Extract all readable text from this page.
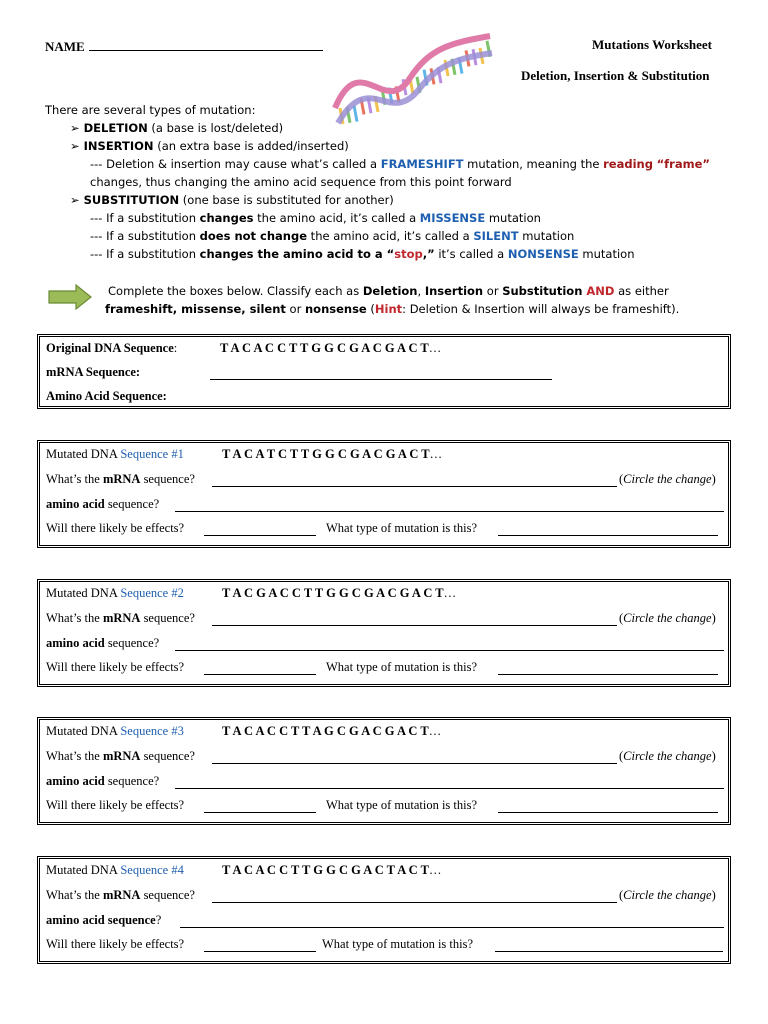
NAME	Mutations Worksheet
Deletion, Insertion & Substitution
There are several types of mutation:
➢ DELETION (a base is lost/deleted)
➢ INSERTION (an extra base is added/inserted)
--- Deletion & insertion may cause what’s called a FRAMESHIFT mutation, meaning the reading “frame”
changes, thus changing the amino acid sequence from this point forward
➢ SUBSTITUTION (one base is substituted for another)
--- If a substitution changes the amino acid, it’s called a MISSENSE mutation
--- If a substitution does not change the amino acid, it’s called a SILENT mutation
--- If a substitution changes the amino acid to a “stop,” it’s called a NONSENSE mutation
Complete the boxes below. Classify each as Deletion, Insertion or Substitution AND as either
frameshift, missense, silent or nonsense (Hint: Deletion & Insertion will always be frameshift).
Original DNA Sequence:	T A C A C C T T G G C G A C G A C T…
mRNA Sequence:
Amino Acid Sequence:
Mutated DNA Sequence #1	T A C A T C T T G G C G A C G A C T…
What’s the mRNA sequence?	(Circle the change)
amino acid sequence?
Will there likely be effects?	What type of mutation is this?
Mutated DNA Sequence #2	T A C G A C C T T G G C G A C G A C T…
What’s the mRNA sequence?	(Circle the change)
amino acid sequence?
Will there likely be effects?	What type of mutation is this?
Mutated DNA Sequence #3	T A C A C C T T A G C G A C G A C T…
What’s the mRNA sequence?	(Circle the change)
amino acid sequence?
Will there likely be effects?	What type of mutation is this?
Mutated DNA Sequence #4	T A C A C C T T G G C G A C T A C T…
What’s the mRNA sequence?	(Circle the change)
amino acid sequence?
Will there likely be effects?	What type of mutation is this?
